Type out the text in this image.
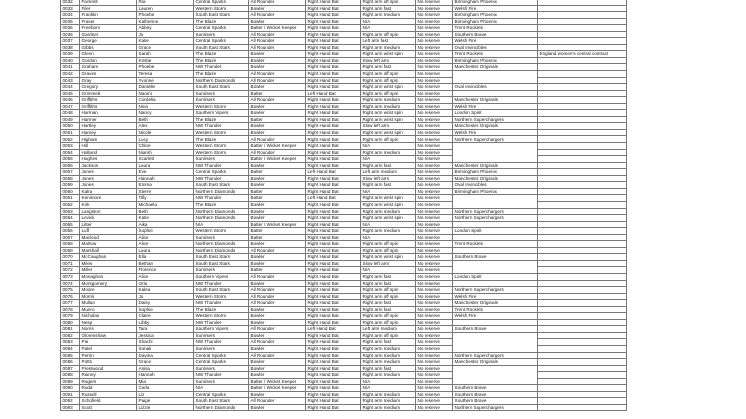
0032	Fackrell	Ria	Central Sparks	All Rounder	Right Hand Bat	Right arm off spin	No reserve	Birmingham Phoenix	
0033	Filer	Lauren	Western Storm	Bowler	Right Hand Bat	Right arm fast	No reserve	Welsh Fire	
0034	Franklin	Phoebe	South East Stars	All Rounder	Right Hand Bat	Right arm medium	No reserve	Birmingham Phoenix	
0035	Fraser	Katherine	The Blaze	Bowler	Right Hand Bat	N/A	No reserve	Birmingham Phoenix	
0036	Freeborn	Abbey	Central Sparks	Batter / Wicket Keeper	Right Hand Bat	N/A	No reserve	Trent Rockets	
0036	Gardner	Jo	Sunrisers	All Rounder	Right Hand Bat	Right arm off spin	No reserve	Southern Brave	
0037	George	Katie	Central Sparks	All Rounder	Right Hand Bat	Left arm fast	No reserve	Welsh Fire	
0038	Gibbs	Grace	South East Stars	All Rounder	Right Hand Bat	Right arm medium	No reserve	Oval Invincibles	
0039	Glenn	Sarah	The Blaze	Bowler	Right Hand Bat	Right arm wrist spin	No reserve	Trent Rockets	England women's central contract
0040	Gordon	Kirstie	The Blaze	Bowler	Right Hand Bat	Slow left arm	No reserve	Birmingham Phoenix	
0041	Graham	Phoebe	NW Thunder	Bowler	Right Hand Bat	Right arm fast	No reserve	Manchester Originals	
0042	Graves	Teresa	The Blaze	All Rounder	Right Hand Bat	Right arm off spin	No reserve		
0043	Gray	Yvonne	Northern Diamonds	All Rounder	Right Hand Bat	Right arm off spin	No reserve		
0044	Gregory	Danielle	South East Stars	Bowler	Right Hand Bat	Right arm wrist spin	No reserve	Oval Invincibles	
0045	Grimmett	Naomi	Sunrisers	Batter	Left Hand Bat	Right arm off spin	No reserve		
0046	Griffiths	Cordelia	Sunrisers	All Rounder	Right Hand Bat	Right arm medium	No reserve	Manchester Originals	
0047	Griffiths	Nina	Western Storm	Bowler	Right Hand Bat	Right arm medium	No reserve	Welsh Fire	
0048	Harman	Nancy	Southern Vipers	Bowler	Right Hand Bat	Right arm wrist spin	No reserve	London Spirit	
0049	Harmer	Beth	The Blaze	Batter	Right Hand Bat	Right arm wrist spin	No reserve	Northern Superchargers	
0050	Hartley	Alex	NW Thunder	Bowler	Right Hand Bat	Slow left arm	No reserve	Manchester Originals	
0051	Harvey	Nicole	Western Storm	Bowler	Right Hand Bat	Right arm wrist spin	No reserve	Welsh Fire	
0052	Higham	Lucy	The Blaze	All Rounder	Right Hand Bat	Right arm off spin	No reserve	Northern Superchargers	
0053	Hill	Chloe	Western Storm	Batter / Wicket Keeper	Right Hand Bat	N/A	No reserve		
0054	Holland	Niamh	Western Storm	All Rounder	Right Hand Bat	Right arm medium	No reserve		
0055	Hughes	Scarlett	Sunrisers	Batter / Wicket Keeper	Right Hand Bat	N/A	No reserve		
0056	Jackson	Laura	NW Thunder	Bowler	Right Hand Bat	Right arm fast	No reserve	Manchester Originals	
0057	Jones	Eve	Central Sparks	Batter	Left Hand Bat	Left arm medium	No reserve	Birmingham Phoenix	
0058	Jones	Hannah	NW Thunder	Bowler	Right Hand Bat	Slow left arm	No reserve	Manchester Originals	
0059	Jones	Emma	South East Stars	Bowler	Right Hand Bat	Right arm fast	No reserve	Oval Invincibles	
0060	Kalra	Sterre	Northern Diamonds	Batter	Right Hand Bat	N/A	No reserve	Birmingham Phoenix	
0061	Kenimore	Tilly	NW Thunder	Batter	Left Hand Bat	Right arm wrist spin	No reserve		
0062	Kirk	Michaela	The Blaze	Bowler	Right Hand Bat	Right arm wrist spin	No reserve		
0063	Langston	Beth	Northern Diamonds	Bowler	Right Hand Bat	Right arm medium	No reserve	Northern Superchargers	
0064	Levick	Katie	Northern Diamonds	Bowler	Right Hand Bat	Right arm wrist spin	No reserve	Northern Superchargers	
0065	Litter	Aika	N/A	Batter / Wicket Keeper	Right Hand Bat	N/A	No reserve		
0066	Luff	Sophie	Western Storm	Batter	Right Hand Bat	Right arm medium	No reserve	London Spirit	
0067	Macleod	Alice	Sunrisers	Batter	Right Hand Bat	N/A	No reserve		
0068	Marlow	Alice	Northern Diamonds	Bowler	Right Hand Bat	Right arm off spin	No reserve	Trent Rockets	
0069	Marshall	Laura	Northern Diamonds	All Rounder	Right Hand Bat	Right arm off spin	No reserve		
0070	McCaughan	Ella	South East Stars	Bowler	Right Hand Bat	Right arm wrist spin	No reserve	Southern Brave	
0071	Miles	Bethan	South East Stars	Bowler	Right Hand Bat	Slow left arm	No reserve		
0072	Miller	Florence	Sunrisers	Batter	Right Hand Bat	N/A	No reserve		
0073	Monaghan	Alice	Southern Vipers	All Rounder	Right Hand Bat	Right arm fast	No reserve	London Spirit	
0074	Montgomery	Orla	NW Thunder	Bowler	Right Hand Bat	Right arm fast	No reserve		
0075	Moore	Kalea	South East Stars	All Rounder	Right Hand Bat	Right arm off spin	No reserve	Northern Superchargers	
0076	Morris	Jo	Western Storm	All Rounder	Right Hand Bat	Right arm off spin	No reserve	Welsh Fire	
0077	Mullan	Daisy	NW Thunder	All Rounder	Right Hand Bat	Right arm fast	No reserve	Manchester Originals	
0078	Munro	Sophie	The Blaze	Bowler	Right Hand Bat	Right arm fast	No reserve	Trent Rockets	
0079	Nicholas	Claire	Western Storm	Bowler	Right Hand Bat	Right arm off spin	No reserve	Welsh Fire	
0080	Nesp	Libby	NW Thunder	Bowler	Right Hand Bat	Right arm off spin	No reserve		
0081	Norris	Tara	Southern Vipers	All Rounder	Left Hand Bat	Left arm medium	No reserve	Southern Brave	
0082	Olorenshaw	Jessica	Sunrisers	Bowler	Right Hand Bat	Right arm off spin	No reserve		
0083	Pai	Shachi	NW Thunder	All Rounder	Right Hand Bat	Right arm fast	No reserve		
0084	Patel	Sonali	Sunrisers	Bowler	Right Hand Bat	Right arm medium	No reserve		
0085	Perrin	Davina	Central Sparks	All Rounder	Right Hand Bat	Right arm medium	No reserve	Northern Superchargers	
0086	Potts	Grace	Central Sparks	Bowler	Right Hand Bat	Right arm medium	No reserve	Manchester Originals	
0087	Prestwood	Anisa	Sunrisers	Bowler	Right Hand Bat	Right arm fast	No reserve		
0088	Rainey	Hannah	NW Thunder	Bowler	Right Hand Bat	Right arm medium	No reserve		
0089	Rogers	Mia	Sunrisers	Batter / Wicket Keeper	Right Hand Bat	N/A	No reserve		
0090	Rudd	Carla	N/A	Batter / Wicket Keeper	Right Hand Bat	N/A	No reserve	Southern Brave	
0091	Russell	Liz	Central Sparks	Bowler	Right Hand Bat	Right arm medium	No reserve	Southern Brave	
0092	Schofield	Paige	South East Stars	All Rounder	Right Hand Bat	Right arm medium	No reserve	Southern Brave	
0093	Scott	Lizzie	Northern Diamonds	Bowler	Right Hand Bat	Right arm medium	No reserve	Northern Superchargers	
